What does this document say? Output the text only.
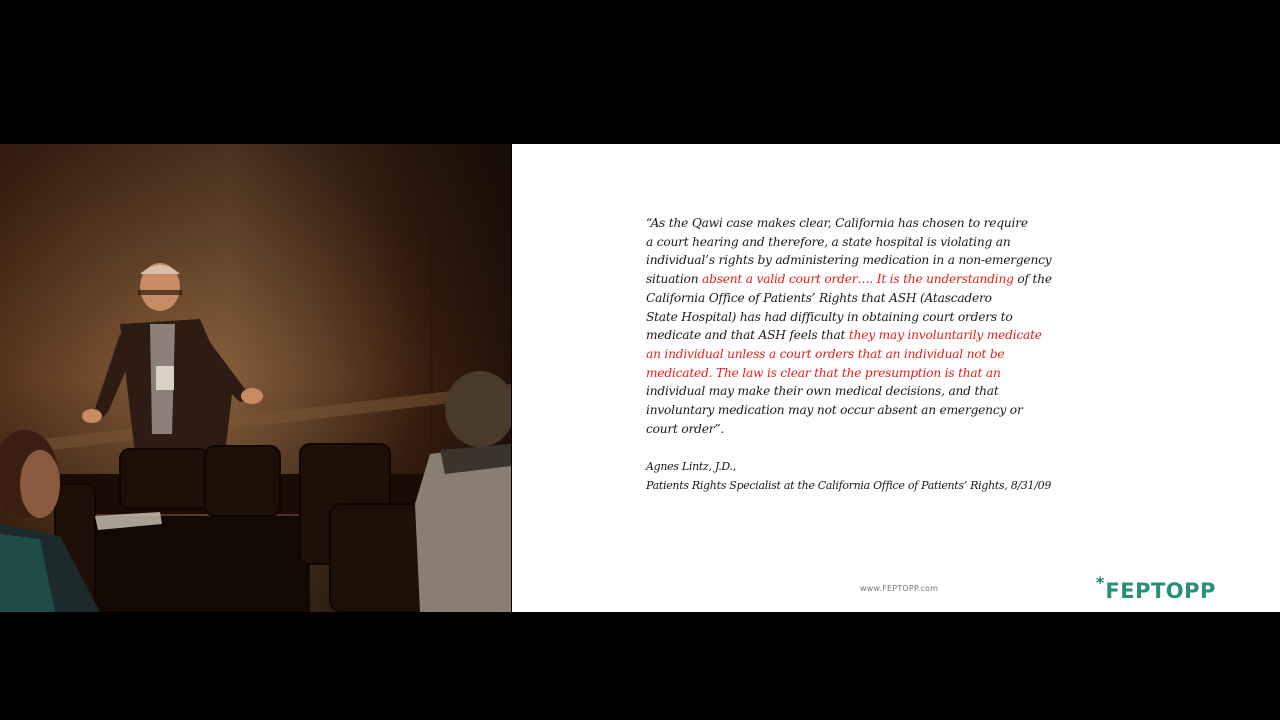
“As the Qawi case makes clear, California has chosen to require
a court hearing and therefore, a state hospital is violating an
individual’s rights by administering medication in a non-emergency
situation absent a valid court order…. It is the understanding of the
California Office of Patients’ Rights that ASH (Atascadero
State Hospital) has had difficulty in obtaining court orders to
medicate and that ASH feels that they may involuntarily medicate
an individual unless a court orders that an individual not be
medicated. The law is clear that the presumption is that an
individual may make their own medical decisions, and that
involuntary medication may not occur absent an emergency or
court order”.
Agnes Lintz, J.D.,
Patients Rights Specialist at the California Office of Patients’ Rights, 8/31/09
www.FEPTOPP.com	* FEPTOPP
